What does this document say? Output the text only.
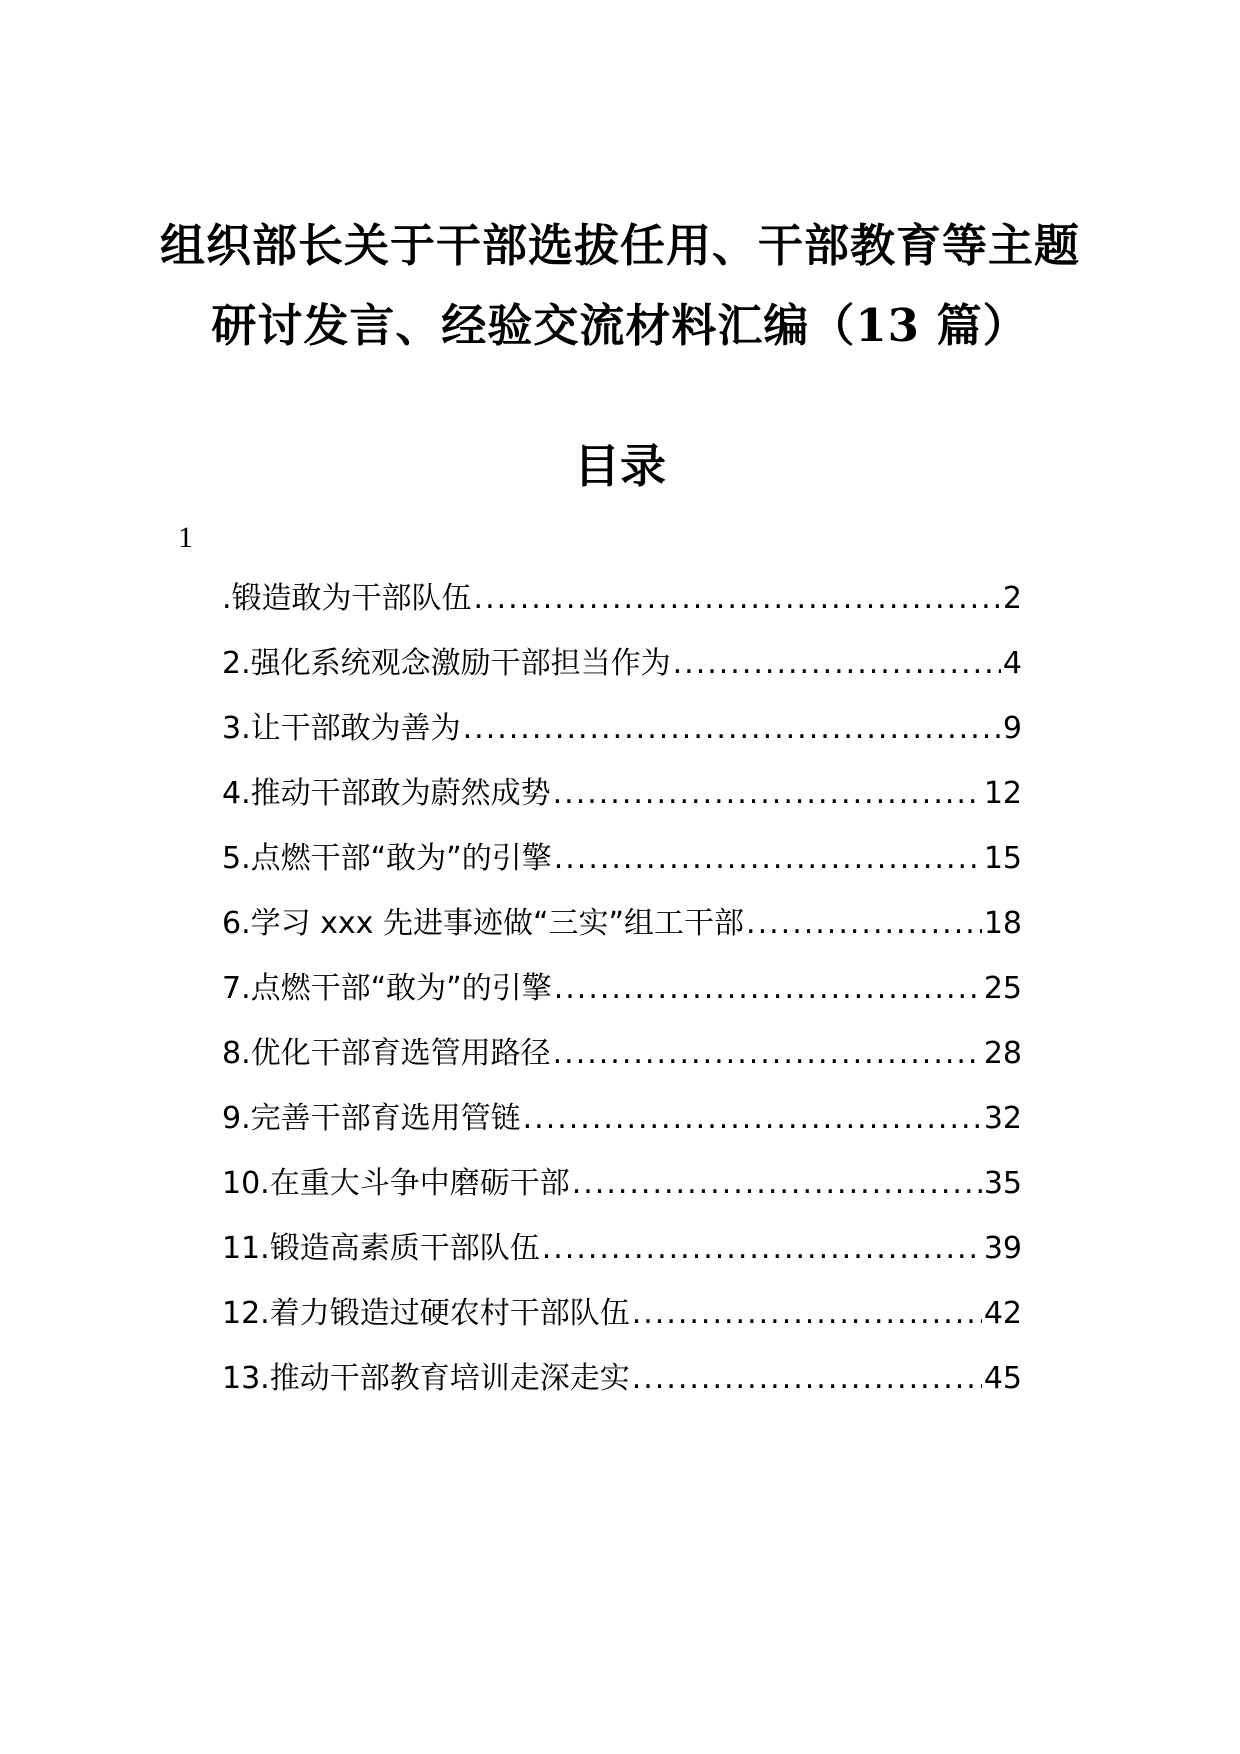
组织部长关于干部选拔任用、干部教育等主题
研讨发言、经验交流材料汇编（13 篇）
目录
1
.锻造敢为干部队伍 .....	2
2.强化系统观念激励干部担当作为 .....	4
3.让干部敢为善为 .....	9
4.推动干部敢为蔚然成势 .....	12
5.点燃干部“敢为”的引擎 .....	15
6.学习 xxx 先进事迹做“三实”组工干部 .....	18
7.点燃干部“敢为”的引擎 .....	25
8.优化干部育选管用路径 .....	28
9.完善干部育选用管链 .....	32
10.在重大斗争中磨砺干部 .....	35
11.锻造高素质干部队伍 .....	39
12.着力锻造过硬农村干部队伍 .....	42
13.推动干部教育培训走深走实 .....	45
